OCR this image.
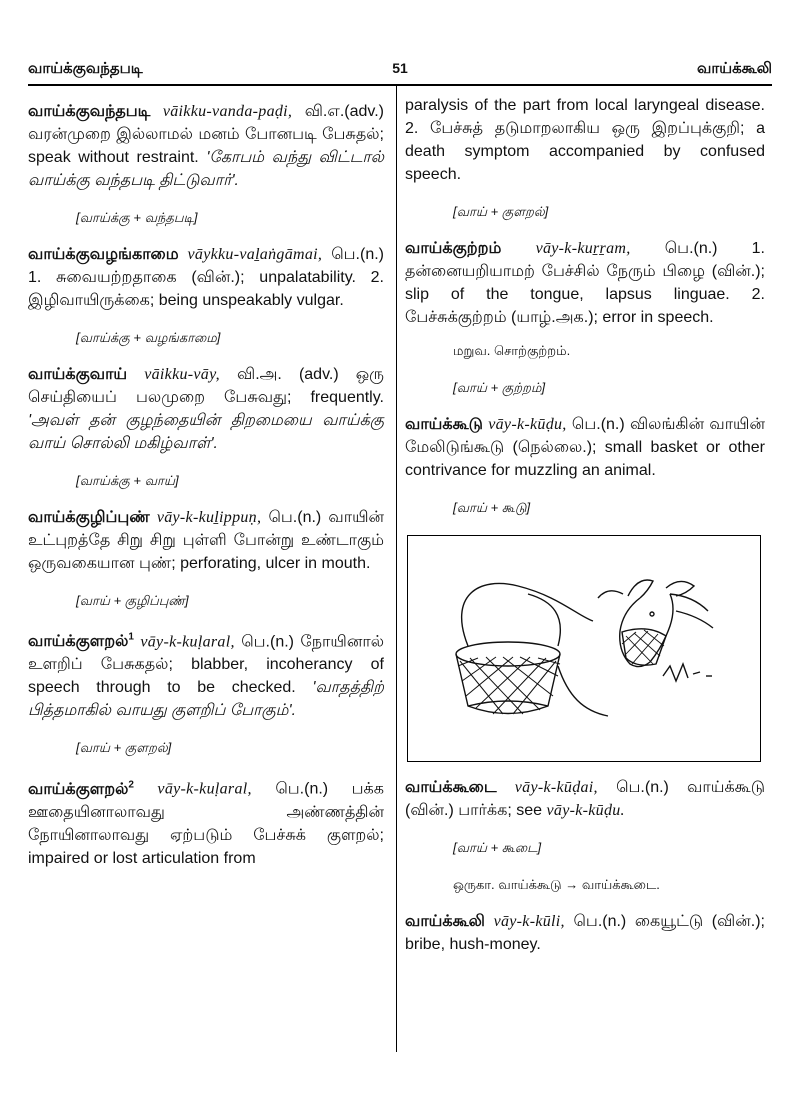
வாய்க்குவந்தபடி	51	வாய்க்கூலி
வாய்க்குவந்தபடி vāikku-vanda-paḍi, வி.எ.(adv.) வரன்முறை இல்லாமல் மனம் போனபடி பேசுதல்; speak without restraint. 'கோபம் வந்து விட்டால் வாய்க்கு வந்தபடி திட்டுவார்'.
[வாய்க்கு + வந்தபடி]
வாய்க்குவழங்காமை vāykku-vaḻaṅgāmai, பெ.(n.) 1. சுவையற்றதாகை (வின்.); unpalatability. 2. இழிவாயிருக்கை; being unspeakably vulgar.
[வாய்க்கு + வழங்காமை]
வாய்க்குவாய் vāikku-vāy, வி.அ. (adv.) ஒரு செய்தியைப் பலமுறை பேசுவது; frequently. 'அவள் தன் குழந்தையின் திறமையை வாய்க்கு வாய் சொல்லி மகிழ்வாள்'.
[வாய்க்கு + வாய்]
வாய்க்குழிப்புண் vāy-k-kuḻippuṇ, பெ.(n.) வாயின் உட்புறத்தே சிறு சிறு புள்ளி போன்று உண்டாகும் ஒருவகையான புண்; perforating, ulcer in mouth.
[வாய் + குழிப்புண்]
வாய்க்குளறல்$^1$ vāy-k-kuḷaral, பெ.(n.) நோயினால் உளறிப் பேசுகதல்; blabber, incoherancy of speech through to be checked. 'வாதத்திற் பித்தமாகில் வாயது குளறிப் போகும்'.
[வாய் + குளறல்]
வாய்க்குளறல்$^2$ vāy-k-kuḷaral, பெ.(n.) பக்க ஊதையினாலாவது அண்ணத்தின் நோயினாலாவது ஏற்படும் பேச்சுக் குளறல்; impaired or lost articulation from
paralysis of the part from local laryngeal disease. 2. பேச்சுத் தடுமாறலாகிய ஒரு இறப்புக்குறி; a death symptom accompanied by confused speech.
[வாய் + குளறல்]
வாய்க்குற்றம் vāy-k-kuṟṟam, பெ.(n.) 1. தன்னையறியாமற் பேச்சில் நேரும் பிழை (வின்.); slip of the tongue, lapsus linguae. 2. பேச்சுக்குற்றம் (யாழ்.அக.); error in speech.
மறுவ. சொற்குற்றம்.
[வாய் + குற்றம்]
வாய்க்கூடு vāy-k-kūḍu, பெ.(n.) விலங்கின் வாயின் மேலிடுங்கூடு (நெல்லை.); small basket or other contrivance for muzzling an animal.
[வாய் + கூடு]
வாய்க்கூடை vāy-k-kūḍai, பெ.(n.) வாய்க்கூடு (வின்.) பார்க்க; see vāy-k-kūḍu.
[வாய் + கூடை]
ஒருகா. வாய்க்கூடு → வாய்க்கூடை.
வாய்க்கூலி vāy-k-kūli, பெ.(n.) கையூட்டு (வின்.); bribe, hush-money.
